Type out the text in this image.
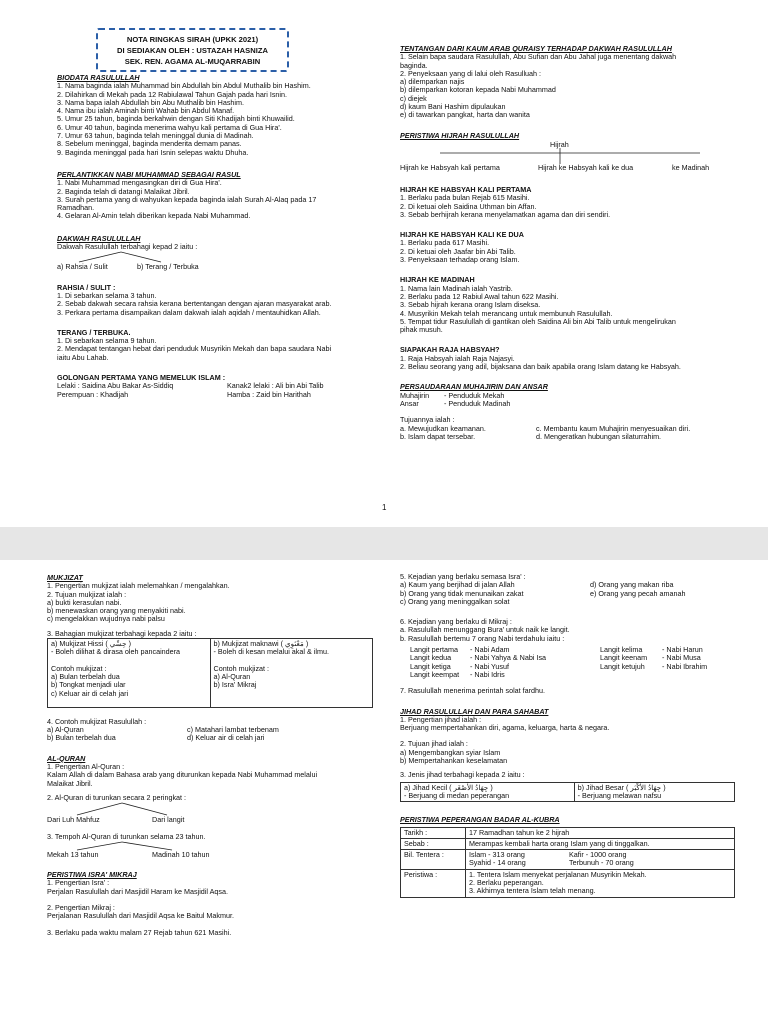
NOTA RINGKAS SIRAH (UPKK 2021)
DI SEDIAKAN OLEH : USTAZAH HASNIZA
SEK. REN. AGAMA AL-MUQARRABIN
BIODATA RASULULLAH
1. Nama baginda ialah Muhammad bin Abdullah bin Abdul Muthalib bin Hashim.
2. Dilahirkan di Mekah pada 12 Rabiulawal Tahun Gajah pada hari Isnin.
3. Nama bapa ialah Abdullah bin Abu Muthalib bin Hashim.
4. Nama ibu ialah Aminah binti Wahab bin Abdul Manaf.
5. Umur 25 tahun, baginda berkahwin dengan Siti Khadijah binti Khuwailid.
6. Umur 40 tahun, baginda menerima wahyu kali pertama di Gua Hira'.
7. Umur 63 tahun, baginda telah meninggal dunia di Madinah.
8. Sebelum meninggal, baginda menderita demam panas.
9. Baginda meninggal pada hari Isnin selepas waktu Dhuha.
PERLANTIKKAN NABI MUHAMMAD SEBAGAI RASUL
1. Nabi Muhammad mengasingkan diri di Gua Hira'.
2. Baginda telah di datangi Malaikat Jibril.
3. Surah pertama yang di wahyukan kepada baginda ialah Surah Al-Alaq pada 17
Ramadhan.
4. Gelaran Al-Amin telah diberikan kepada Nabi Muhammad.
DAKWAH RASULULLAH
Dakwah Rasulullah terbahagi kepad 2 iaitu :
a) Rahsia / Sulit	b) Terang / Terbuka
RAHSIA / SULIT :
1. Di sebarkan selama 3 tahun.
2. Sebab dakwah secara rahsia kerana bertentangan dengan ajaran masyarakat arab.
3. Perkara pertama disampaikan dalam dakwah ialah aqidah / mentauhidkan Allah.
TERANG / TERBUKA.
1. Di sebarkan selama 9 tahun.
2. Mendapat tentangan hebat dari penduduk Musyrikin Mekah dan bapa saudara Nabi
iaitu Abu Lahab.
GOLONGAN PERTAMA YANG MEMELUK ISLAM :
Lelaki : Saidina Abu Bakar As-Siddiq	Kanak2 lelaki : Ali bin Abi Talib
Perempuan : Khadijah	Hamba : Zaid bin Harithah
TENTANGAN DARI KAUM ARAB QURAISY TERHADAP DAKWAH RASULULLAH
1. Selain bapa saudara Rasulullah, Abu Sufian dan Abu Jahal juga menentang dakwah
baginda.
2. Penyeksaan yang di lalui oleh Rasulluah :
a) dilemparkan najis
b) dilemparkan kotoran kepada Nabi Muhammad
c) diejek
d) kaum Bani Hashim dipulaukan
e) di tawarkan pangkat, harta dan wanita
PERISTIWA HIJRAH RASULULLAH
Hijrah
Hijrah ke Habsyah kali pertama	Hijrah ke Habsyah kali ke dua	ke Madinah
HIJRAH KE HABSYAH KALI PERTAMA
1. Berlaku pada bulan Rejab 615 Masihi.
2. Di ketuai oleh Saidina Uthman bin Affan.
3. Sebab berhijrah kerana menyelamatkan agama dan diri sendiri.
HIJRAH KE HABSYAH KALI KE DUA
1. Berlaku pada 617 Masihi.
2. Di ketuai oleh Jaafar bin Abi Talib.
3. Penyeksaan terhadap orang Islam.
HIJRAH KE MADINAH
1. Nama lain Madinah ialah Yastrib.
2. Berlaku pada 12 Rabiul Awal tahun 622 Masihi.
3. Sebab hijrah kerana orang Islam diseksa.
4. Musyrikin Mekah telah merancang untuk membunuh Rasulullah.
5. Tempat tidur Rasulullah di gantikan oleh Saidina Ali bin Abi Talib untuk mengelirukan
pihak musuh.
SIAPAKAH RAJA HABSYAH?
1. Raja Habsyah ialah Raja Najasyi.
2. Beliau seorang yang adil, bijaksana dan baik apabila orang Islam datang ke Habsyah.
PERSAUDARAAN MUHAJIRIN DAN ANSAR
Muhajirin	- Penduduk Mekah
Ansar	- Penduduk Madinah
Tujuannya ialah :
a. Mewujudkan keamanan.	c. Membantu kaum Muhajirin menyesuaikan diri.
b. Islam dapat tersebar.	d. Mengeratkan hubungan silaturrahim.
1
MUKJIZAT
1. Pengertian mukjizat ialah melemahkan / mengalahkan.
2. Tujuan mukjizat ialah :
a) bukti kerasulan nabi.
b) menewaskan orang yang menyakiti nabi.
c) mengelakkan wujudnya nabi palsu
3. Bahagian mukjizat terbahagi kepada 2 iaitu :
a) Mukjizat Hissi ( حِسِّي )
- Boleh dilihat & dirasa oleh pancaindera
Contoh mukjizat :
a) Bulan terbelah dua
b) Tongkat menjadi ular
c) Keluar air di celah jari

b) Mukjizat maknawi ( مَعْنَوِي )
- Boleh di kesan melalui akal & ilmu.
Contoh mukjizat :
a) Al-Quran
b) Isra' Mikraj
4. Contoh mukjizat Rasulullah :
a) Al-Quran	c) Matahari lambat terbenam
b) Bulan terbelah dua	d) Keluar air di celah jari
AL-QURAN
1. Pengertian Al-Quran :
Kalam Allah di dalam Bahasa arab yang diturunkan kepada Nabi Muhammad melalui
Malaikat Jibril.
2. Al-Quran di turunkan secara 2 peringkat :
Dari Luh Mahfuz	Dari langit
3. Tempoh Al-Quran di turunkan selama 23 tahun.
Mekah 13 tahun	Madinah 10 tahun
PERISTIWA ISRA' MIKRAJ
1. Pengertian Isra' :
Perjalan Rasulullah dari Masjidil Haram ke Masjidil Aqsa.
2. Pengertian Mikraj :
Perjalanan Rasulullah dari Masjidil Aqsa ke Baitul Makmur.
3. Berlaku pada waktu malam 27 Rejab tahun 621 Masihi.
5. Kejadian yang berlaku semasa Isra' :
a) Kaum yang berjihad di jalan Allah	d) Orang yang makan riba
b) Orang yang tidak menunaikan zakat	e) Orang yang pecah amanah
c) Orang yang meninggalkan solat
6. Kejadian yang berlaku di Mikraj :
a. Rasulullah menunggang Bura' untuk naik ke langit.
b. Rasulullah bertemu 7 orang Nabi terdahulu iaitu :
Langit pertama	- Nabi Adam
Langit kedua	- Nabi Yahya & Nabi Isa
Langit ketiga	- Nabi Yusuf
Langit keempat	- Nabi Idris
Langit kelima	- Nabi Harun
Langit keenam	- Nabi Musa
Langit ketujuh	- Nabi Ibrahim
7. Rasulullah menerima perintah solat fardhu.
JIHAD RASULULLAH DAN PARA SAHABAT
1. Pengertian jihad ialah :
Berjuang mempertahankan diri, agama, keluarga, harta & negara.
2. Tujuan jihad ialah :
a) Mengembangkan syiar Islam
b) Mempertahankan keselamatan
3. Jenis jihad terbahagi kepada 2 iaitu :
a) Jihad Kecil ( جِهَادُ الأَصْغَر )
- Berjuang di medan peperangan

b) Jihad Besar ( جِهَادُ الأَكْبَر )
- Berjuang melawan nafsu
PERISTIWA PEPERANGAN BADAR AL-KUBRA
Tarikh :	17 Ramadhan tahun ke 2 hijrah
Sebab :	Merampas kembali harta orang Islam yang di tinggalkan.
Bil. Tentera :	Islam - 313 orang Kafir - 1000 orang
Syahid - 14 orang Terbunuh - 70 orang

Peristiwa :	1. Tentera Islam menyekat perjalanan Musyrikin Mekah.
2. Berlaku peperangan.
3. Akhirnya tentera Islam telah menang.
